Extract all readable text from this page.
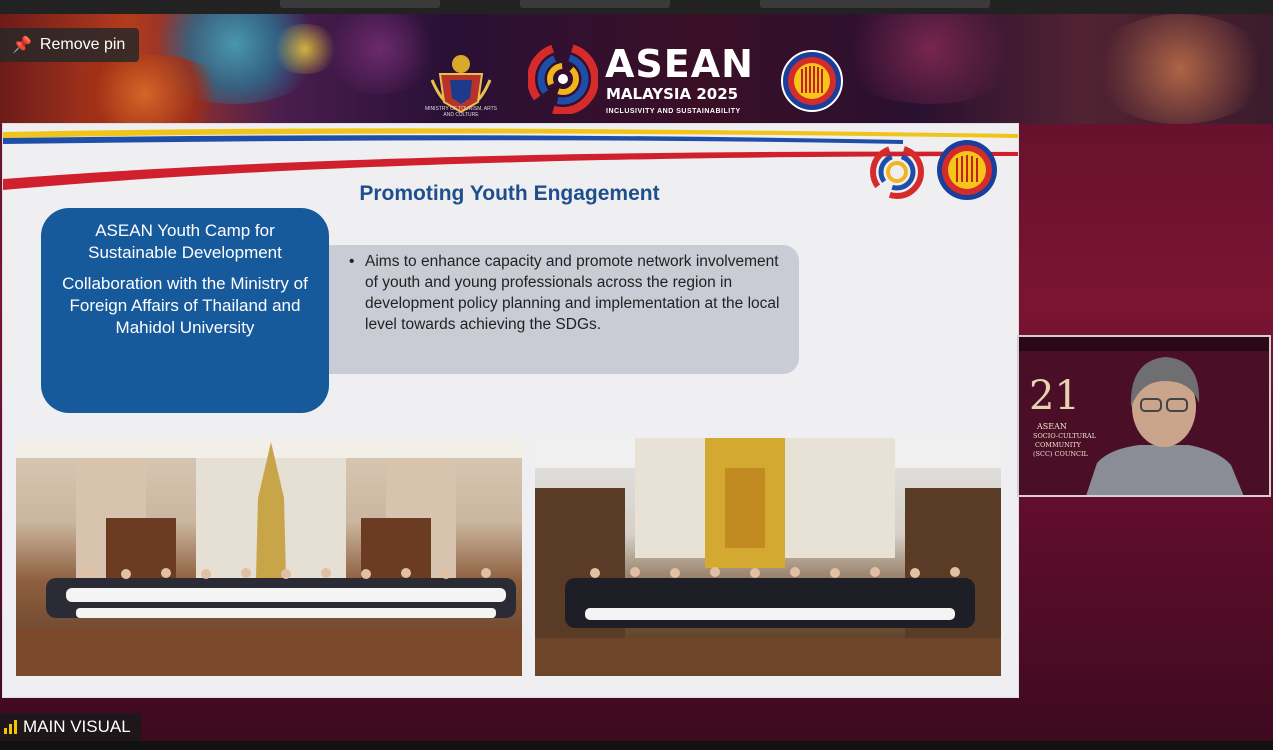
MINISTRY OF TOURISM, ARTS AND CULTURE
ASEAN
MALAYSIA 2025
INCLUSIVITY AND SUSTAINABILITY
📌 Remove pin
Promoting Youth Engagement

ASEAN Youth Camp for Sustainable Development

Collaboration with the Ministry of Foreign Affairs of Thailand and Mahidol University

• Aims to enhance capacity and promote network involvement of youth and young professionals across the region in development policy planning and implementation at the local level towards achieving the SDGs.
21
ASEAN
SOCIO-CULTURAL
COMMUNITY
(SCC) COUNCIL
MAIN VISUAL
